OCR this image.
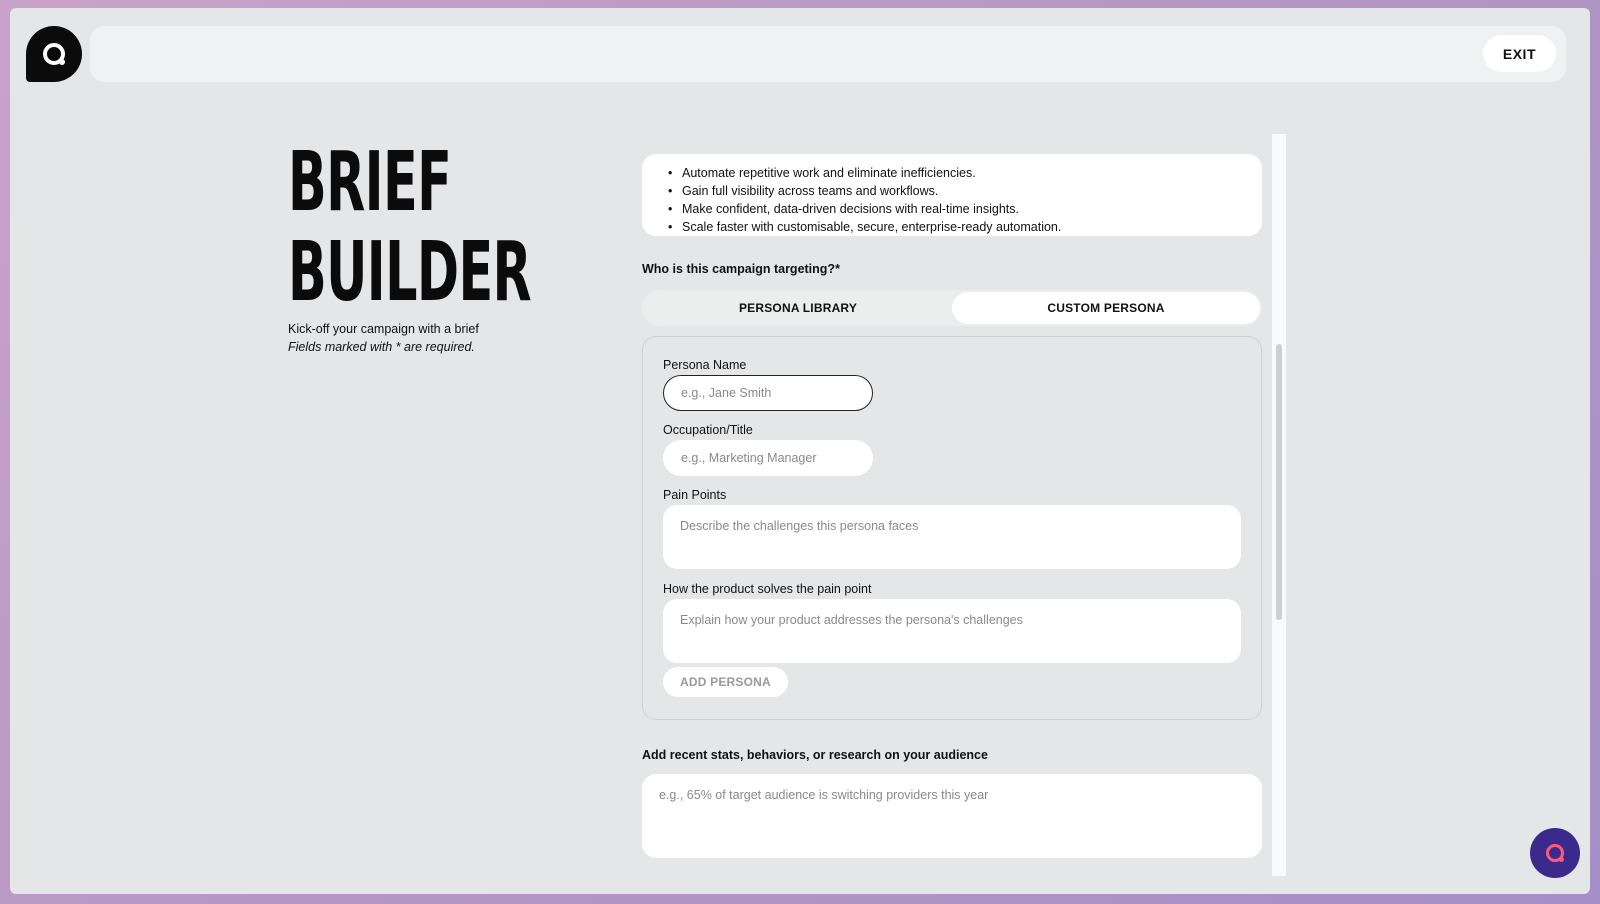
EXIT
BRIEF
BUILDER
Kick-off your campaign with a brief
Fields marked with * are required.
• Automate repetitive work and eliminate inefficiencies.
• Gain full visibility across teams and workflows.
• Make confident, data-driven decisions with real-time insights.
• Scale faster with customisable, secure, enterprise-ready automation.
Who is this campaign targeting?*
PERSONA LIBRARY	CUSTOM PERSONA
Persona Name
e.g., Jane Smith
Occupation/Title
e.g., Marketing Manager
Pain Points
Describe the challenges this persona faces
How the product solves the pain point
Explain how your product addresses the persona's challenges
ADD PERSONA
Add recent stats, behaviors, or research on your audience
e.g., 65% of target audience is switching providers this year
